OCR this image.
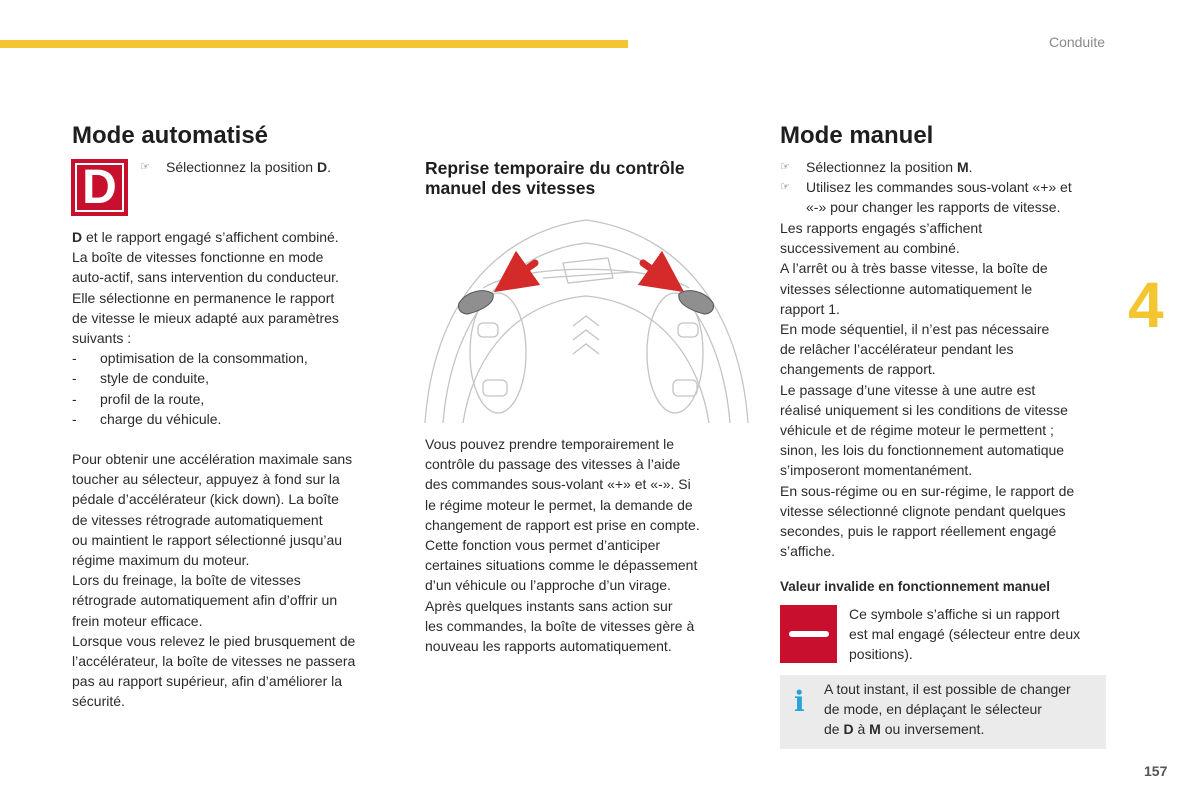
Conduite
4
157
Mode automatisé
D	☞	Sélectionnez la position D.

D et le rapport engagé s’affichent combiné.

La boîte de vitesses fonctionne en mode

auto-actif, sans intervention du conducteur.

Elle sélectionne en permanence le rapport

de vitesse le mieux adapté aux paramètres

suivants :

-	optimisation de la consommation,
-	style de conduite,
-	profil de la route,
-	charge du véhicule.

Pour obtenir une accélération maximale sans

toucher au sélecteur, appuyez à fond sur la

pédale d’accélérateur (kick down). La boîte

de vitesses rétrograde automatiquement

ou maintient le rapport sélectionné jusqu’au

régime maximum du moteur.

Lors du freinage, la boîte de vitesses

rétrograde automatiquement afin d’offrir un

frein moteur efficace.

Lorsque vous relevez le pied brusquement de

l’accélérateur, la boîte de vitesses ne passera

pas au rapport supérieur, afin d’améliorer la

sécurité.

Reprise temporaire du contrôle
manuel des vitesses

Vous pouvez prendre temporairement le

contrôle du passage des vitesses à l’aide

des commandes sous-volant «+» et «-». Si

le régime moteur le permet, la demande de

changement de rapport est prise en compte.

Cette fonction vous permet d’anticiper

certaines situations comme le dépassement

d’un véhicule ou l’approche d’un virage.

Après quelques instants sans action sur

les commandes, la boîte de vitesses gère à

nouveau les rapports automatiquement.

Mode manuel
☞	Sélectionnez la position M.
☞	Utilisez les commandes sous-volant «+» et
«-» pour changer les rapports de vitesse.

Les rapports engagés s’affichent

successivement au combiné.

A l’arrêt ou à très basse vitesse, la boîte de

vitesses sélectionne automatiquement le

rapport 1.

En mode séquentiel, il n’est pas nécessaire

de relâcher l’accélérateur pendant les

changements de rapport.

Le passage d’une vitesse à une autre est

réalisé uniquement si les conditions de vitesse

véhicule et de régime moteur le permettent ;

sinon, les lois du fonctionnement automatique

s’imposeront momentanément.

En sous-régime ou en sur-régime, le rapport de

vitesse sélectionné clignote pendant quelques

secondes, puis le rapport réellement engagé

s’affiche.

Valeur invalide en fonctionnement manuel

Ce symbole s’affiche si un rapport

est mal engagé (sélecteur entre deux

positions).

i A tout instant, il est possible de changer

de mode, en déplaçant le sélecteur

de D à M ou inversement.
